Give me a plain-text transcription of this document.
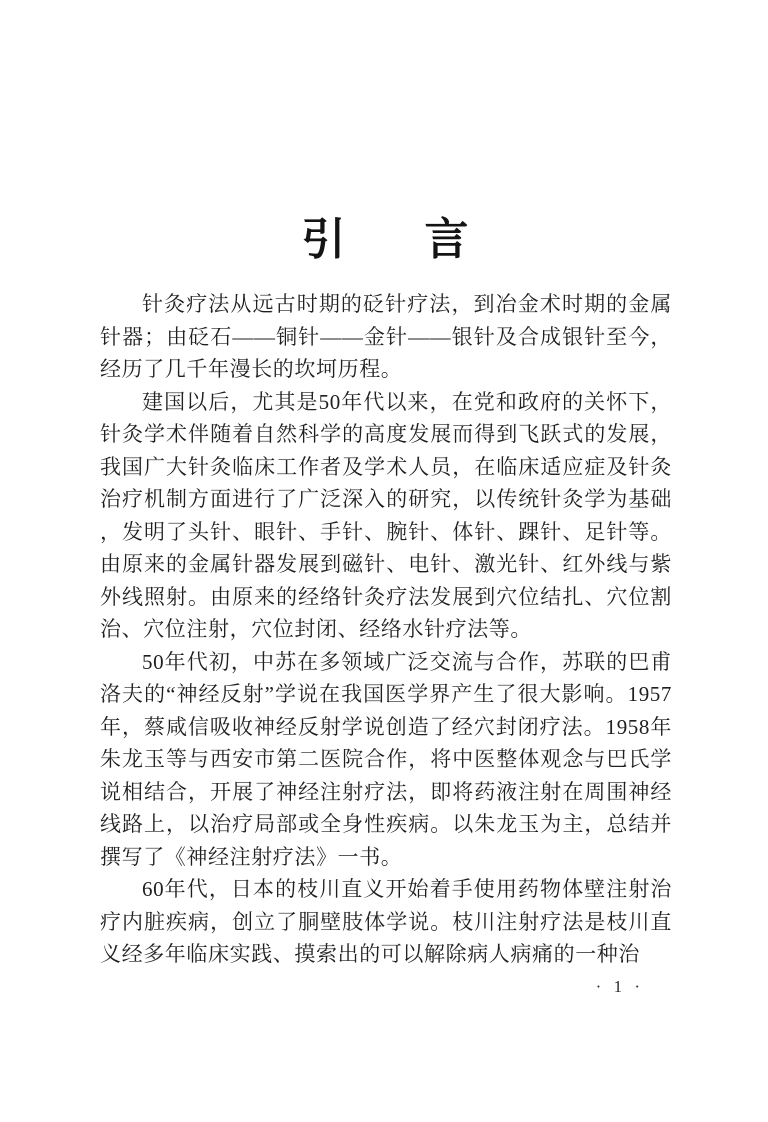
引 言

针灸疗法从远古时期的砭针疗法，到冶金术时期的金属针器；由砭石——铜针——金针——银针及合成银针至今，经历了几千年漫长的坎坷历程。

建国以后，尤其是50年代以来，在党和政府的关怀下，针灸学术伴随着自然科学的高度发展而得到飞跃式的发展，我国广大针灸临床工作者及学术人员，在临床适应症及针灸治疗机制方面进行了广泛深入的研究，以传统针灸学为基础，发明了头针、眼针、手针、腕针、体针、踝针、足针等。由原来的金属针器发展到磁针、电针、激光针、红外线与紫外线照射。由原来的经络针灸疗法发展到穴位结扎、穴位割治、穴位注射，穴位封闭、经络水针疗法等。

50年代初，中苏在多领域广泛交流与合作，苏联的巴甫洛夫的“神经反射”学说在我国医学界产生了很大影响。1957年，蔡咸信吸收神经反射学说创造了经穴封闭疗法。1958年朱龙玉等与西安市第二医院合作，将中医整体观念与巴氏学说相结合，开展了神经注射疗法，即将药液注射在周围神经线路上，以治疗局部或全身性疾病。以朱龙玉为主，总结并撰写了《神经注射疗法》一书。

60年代，日本的枝川直义开始着手使用药物体壁注射治疗内脏疾病，创立了胴壁肢体学说。枝川注射疗法是枝川直义经多年临床实践、摸索出的可以解除病人病痛的一种治

· 1 ·
